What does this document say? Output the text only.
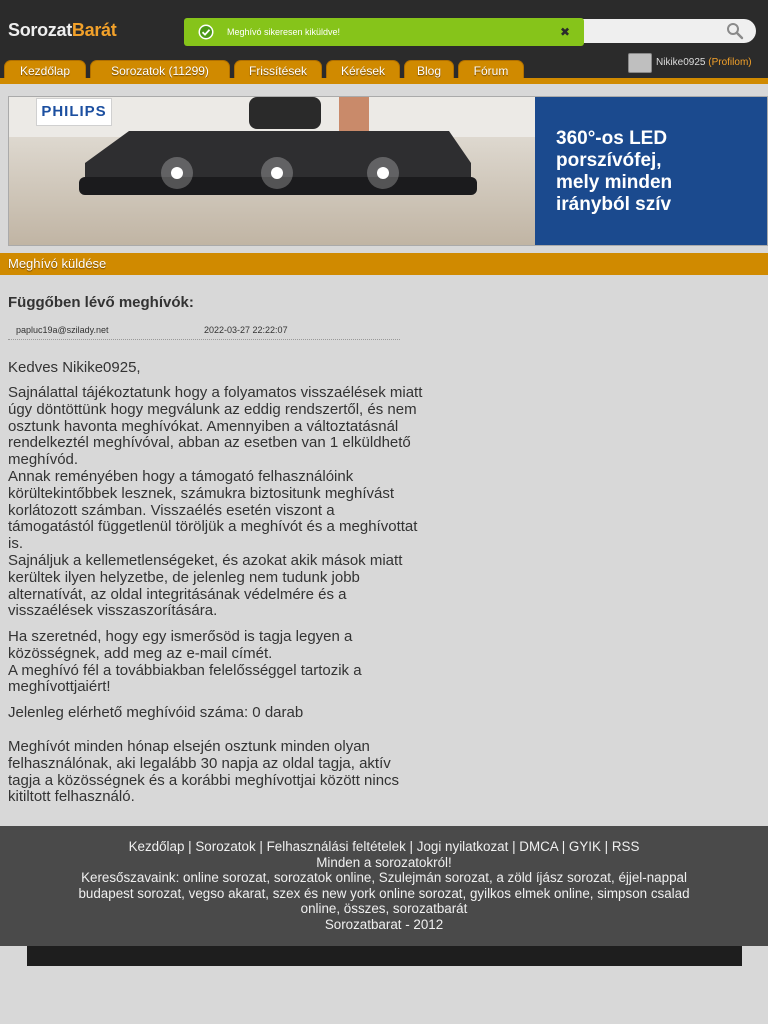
SorozatBarát	Meghívó sikeresen kiküldve!	✖
Kezdőlap	Sorozatok (11299)	Frissítések	Kérések	Blog	Fórum
Nikike0925 (Profilom)
PHILIPS
360°-os LED
porszívófej,
mely minden
irányból szív
Meghívó küldése
Függőben lévő meghívók:
papluc19a@szilady.net	2022-03-27 22:22:07
Kedves Nikike0925,
Sajnálattal tájékoztatunk hogy a folyamatos visszaélések miatt
úgy döntöttünk hogy megválunk az eddig rendszertől, és nem
osztunk havonta meghívókat. Amennyiben a változtatásnál
rendelkeztél meghívóval, abban az esetben van 1 elküldhető
meghívód.
Annak reményében hogy a támogató felhasználóink
körültekintőbbek lesznek, számukra biztositunk meghívást
korlátozott számban. Visszaélés esetén viszont a
támogatástól függetlenül töröljük a meghívót és a meghívottat
is.
Sajnáljuk a kellemetlenségeket, és azokat akik mások miatt
kerültek ilyen helyzetbe, de jelenleg nem tudunk jobb
alternatívát, az oldal integritásának védelmére és a
visszaélések visszaszorítására.
Ha szeretnéd, hogy egy ismerősöd is tagja legyen a
közösségnek, add meg az e-mail címét.
A meghívó fél a továbbiakban felelősséggel tartozik a
meghívottjaiért!
Jelenleg elérhető meghívóid száma: 0 darab
Meghívót minden hónap elsején osztunk minden olyan
felhasználónak, aki legalább 30 napja az oldal tagja, aktív
tagja a közösségnek és a korábbi meghívottjai között nincs
kitiltott felhasználó.
Kezdőlap | Sorozatok | Felhasználási feltételek | Jogi nyilatkozat | DMCA | GYIK | RSS
Minden a sorozatokról!
Keresőszavaink: online sorozat, sorozatok online, Szulejmán sorozat, a zöld íjász sorozat, éjjel-nappal
budapest sorozat, vegso akarat, szex és new york online sorozat, gyilkos elmek online, simpson csalad
online, összes, sorozatbarát
Sorozatbarat - 2012
